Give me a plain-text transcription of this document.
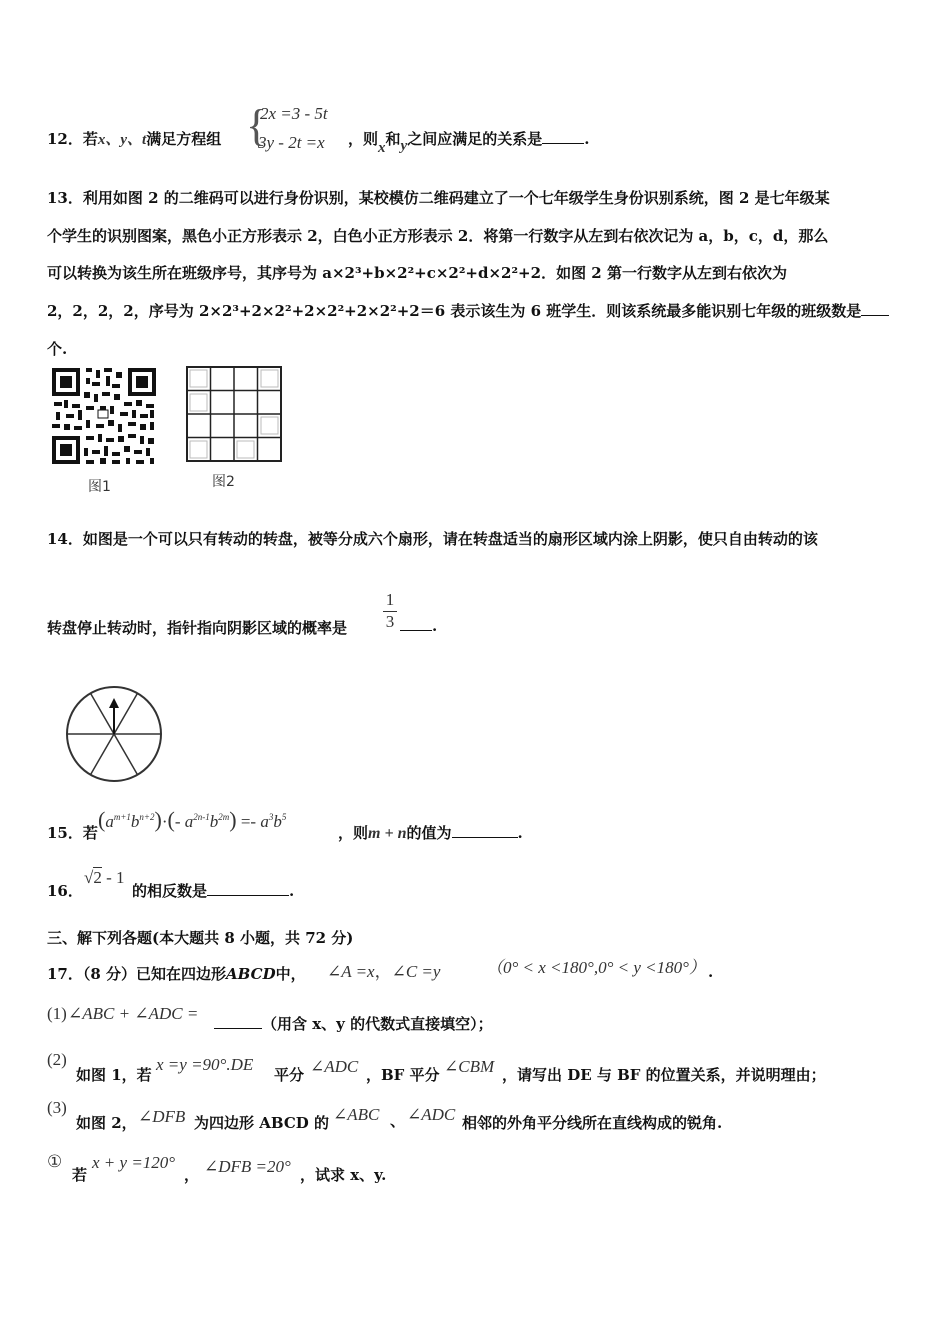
12．若x、y、t满足方程组 {
2x =3 - 5t
3y - 2t =x ，则x和y之间应满足的关系是	.
13．利用如图 2 的二维码可以进行身份识别，某校模仿二维码建立了一个七年级学生身份识别系统，图 2 是七年级某
个学生的识别图案，黑色小正方形表示 2，白色小正方形表示 2．将第一行数字从左到右依次记为 a，b，c，d，那么
可以转换为该生所在班级序号，其序号为 a×2³+b×2²+c×2²+d×2²+2．如图 2 第一行数字从左到右依次为
2，2，2，2，序号为 2×2³+2×2²+2×2²+2×2²+2＝6 表示该生为 6 班学生．则该系统最多能识别七年级的班级数是
个.
图1	图2
14．如图是一个可以只有转动的转盘，被等分成六个扇形，请在转盘适当的扇形区域内涂上阴影，使只自由转动的该
转盘停止转动时，指针指向阴影区域的概率是 $\frac{1}{3}$	.
15．若
$(a^{m+1}b^{n+2})\cdot(-$ $a^{2n-1}b^{2m}) =- a^3b^5$
，则m + n的值为	.
16．
√2 - 1
的相反数是	.
三、解下列各题(本大题共 8 小题，共 72 分)
17．（8 分）已知在四边形ABCD中， ∠A =x，∠C =y	（0° < x <180°,0° < y <180°） .
(1) ∠ABC + ∠ADC =
（用含 x、y 的代数式直接填空）；
(2)
如图 1，若
x =y =90°.DE
平分 ∠ADC ，BF 平分 ∠CBM ，请写出 DE 与 BF 的位置关系，并说明理由；
(3)
如图 2， ∠DFB 为四边形 ABCD 的 ∠ABC 、 ∠ADC 相邻的外角平分线所在直线构成的锐角.
①
若
x + y =120°
， ∠DFB =20° ，试求 x、y.
